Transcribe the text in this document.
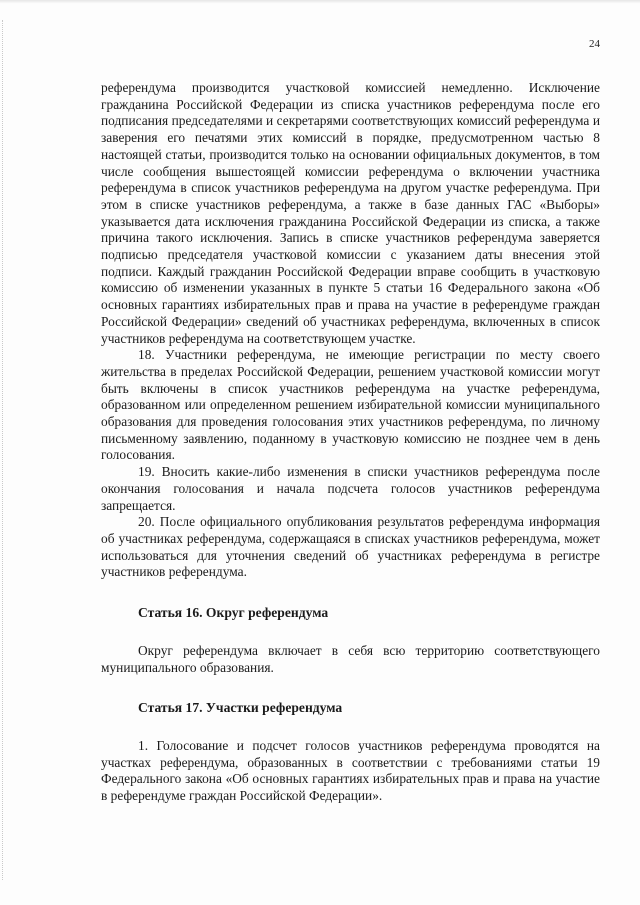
24

референдума производится участковой комиссией немедленно. Исключение гражданина Российской Федерации из списка участников референдума после его подписания председателями и секретарями соответствующих комиссий референдума и заверения его печатями этих комиссий в порядке, предусмотренном частью 8 настоящей статьи, производится только на основании официальных документов, в том числе сообщения вышестоящей комиссии референдума о включении участника референдума в список участников референдума на другом участке референдума. При этом в списке участников референдума, а также в базе данных ГАС «Выборы» указывается дата исключения гражданина Российской Федерации из списка, а также причина такого исключения. Запись в списке участников референдума заверяется подписью председателя участковой комиссии с указанием даты внесения этой подписи. Каждый гражданин Российской Федерации вправе сообщить в участковую комиссию об изменении указанных в пункте 5 статьи 16 Федерального закона «Об основных гарантиях избирательных прав и права на участие в референдуме граждан Российской Федерации» сведений об участниках референдума, включенных в список участников референдума на соответствующем участке.

18. Участники референдума, не имеющие регистрации по месту своего жительства в пределах Российской Федерации, решением участковой комиссии могут быть включены в список участников референдума на участке референдума, образованном или определенном решением избирательной комиссии муниципального образования для проведения голосования этих участников референдума, по личному письменному заявлению, поданному в участковую комиссию не позднее чем в день голосования.

19. Вносить какие-либо изменения в списки участников референдума после окончания голосования и начала подсчета голосов участников референдума запрещается.

20. После официального опубликования результатов референдума информация об участниках референдума, содержащаяся в списках участников референдума, может использоваться для уточнения сведений об участниках референдума в регистре участников референдума.

Статья 16. Округ референдума

Округ референдума включает в себя всю территорию соответствующего муниципального образования.

Статья 17. Участки референдума

1. Голосование и подсчет голосов участников референдума проводятся на участках референдума, образованных в соответствии с требованиями статьи 19 Федерального закона «Об основных гарантиях избирательных прав и права на участие в референдуме граждан Российской Федерации».
